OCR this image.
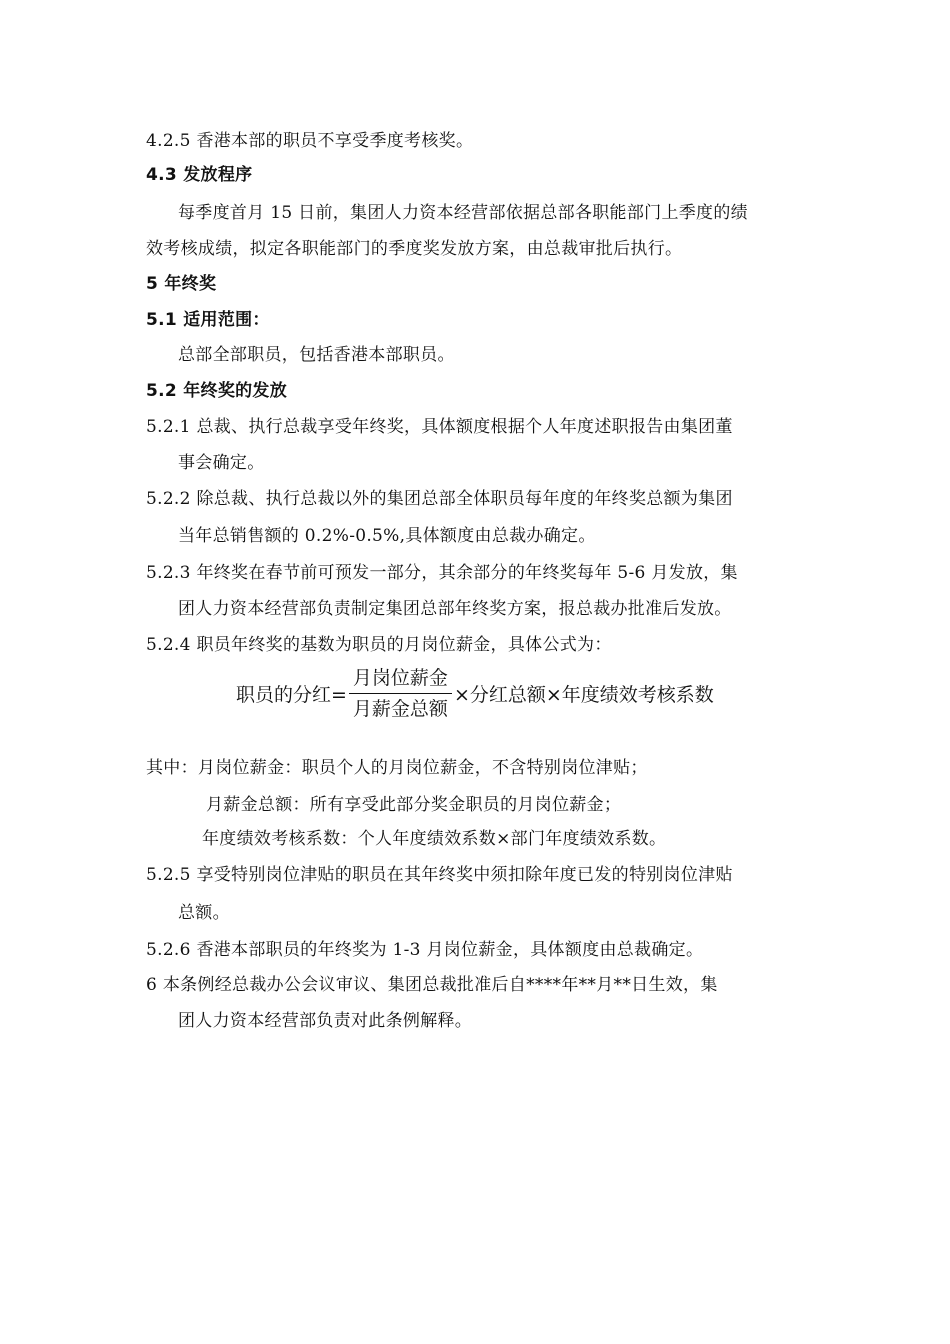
4.2.5 香港本部的职员不享受季度考核奖。
4.3 发放程序
每季度首月 15 日前，集团人力资本经营部依据总部各职能部门上季度的绩
效考核成绩，拟定各职能部门的季度奖发放方案，由总裁审批后执行。
5 年终奖
5.1 适用范围：
总部全部职员，包括香港本部职员。
5.2 年终奖的发放
5.2.1 总裁、执行总裁享受年终奖，具体额度根据个人年度述职报告由集团董
事会确定。
5.2.2 除总裁、执行总裁以外的集团总部全体职员每年度的年终奖总额为集团
当年总销售额的 0.2%-0.5%,具体额度由总裁办确定。
5.2.3 年终奖在春节前可预发一部分，其余部分的年终奖每年 5-6 月发放，集
团人力资本经营部负责制定集团总部年终奖方案，报总裁办批准后发放。
5.2.4 职员年终奖的基数为职员的月岗位薪金，具体公式为：
职员的分红= $\frac{\text{月岗位薪金}}{\text{月薪金总额}}$ ×分红总额×年度绩效考核系数
其中：月岗位薪金：职员个人的月岗位薪金，不含特别岗位津贴；
月薪金总额：所有享受此部分奖金职员的月岗位薪金；
年度绩效考核系数：个人年度绩效系数×部门年度绩效系数。
5.2.5 享受特别岗位津贴的职员在其年终奖中须扣除年度已发的特别岗位津贴
总额。
5.2.6 香港本部职员的年终奖为 1-3 月岗位薪金，具体额度由总裁确定。
6 本条例经总裁办公会议审议、集团总裁批准后自****年**月**日生效，集
团人力资本经营部负责对此条例解释。
